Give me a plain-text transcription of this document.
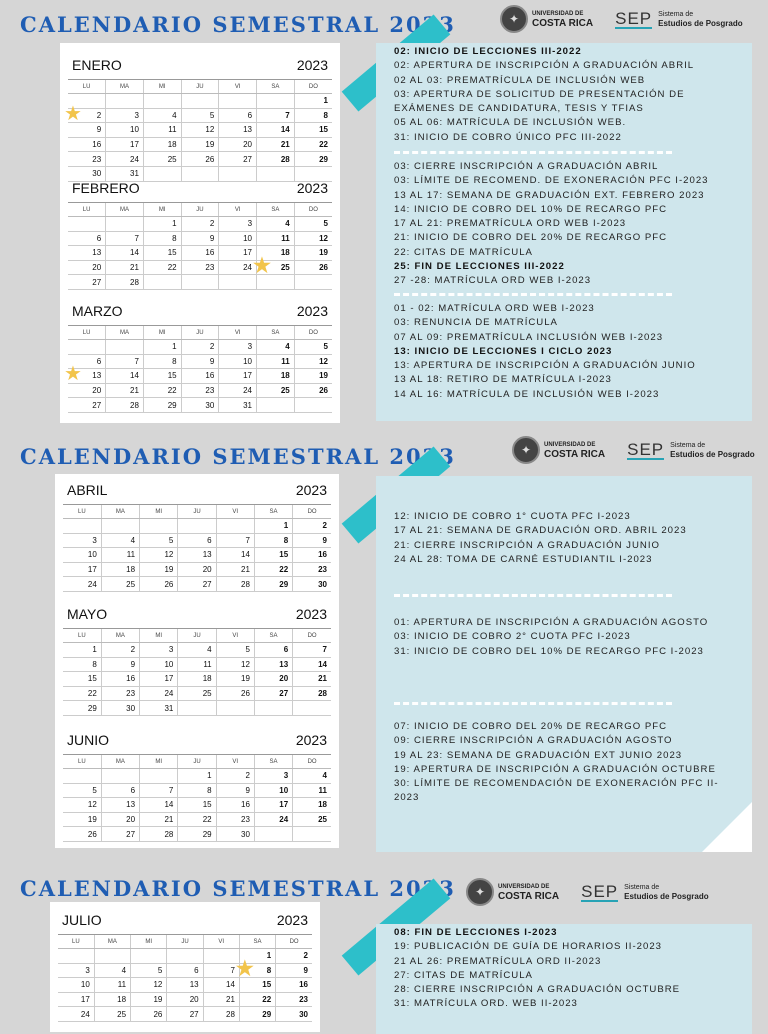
CALENDARIO SEMESTRAL 2023	✦	UNIVERSIDAD DE
COSTA RICA SEP Sistema de
Estudios de Posgrado
ENERO	2023
LU	MA	MI	JU	VI	SA	DO
						1

★ 2	3	4	5	6	7	8
9	10	11	12	13	14	15
16	17	18	19	20	21	22
23	24	25	26	27	28	29
30	31					
FEBRERO	2023
LU	MA	MI	JU	VI	SA	DO
		1	2	3	4	5
6	7	8	9	10	11	12
13	14	15	16	17	18	19
20	21	22	23	24	★ 25	26
27	28					
MARZO	2023
LU	MA	MI	JU	VI	SA	DO
		1	2	3	4	5
6	7	8	9	10	11	12

★ 13	14	15	16	17	18	19
20	21	22	23	24	25	26
27	28	29	30	31		
02: INICIO DE LECCIONES III-2022
02: APERTURA DE INSCRIPCIÓN A GRADUACIÓN ABRIL
02 AL 03: PREMATRÍCULA DE INCLUSIÓN WEB
03: APERTURA DE SOLICITUD DE PRESENTACIÓN DE
EXÁMENES DE CANDIDATURA, TESIS Y TFIAS
05 AL 06: MATRÍCULA DE INCLUSIÓN WEB.
31: INICIO DE COBRO ÚNICO PFC III-2022
03: CIERRE INSCRIPCIÓN A GRADUACIÓN ABRIL
03: LÍMITE DE RECOMEND. DE EXONERACIÓN PFC I-2023
13 AL 17: SEMANA DE GRADUACIÓN EXT. FEBRERO 2023
14: INICIO DE COBRO DEL 10% DE RECARGO PFC
17 AL 21: PREMATRÍCULA ORD WEB I-2023
21: INICIO DE COBRO DEL 20% DE RECARGO PFC
22: CITAS DE MATRÍCULA
25: FIN DE LECCIONES III-2022
27 -28: MATRÍCULA ORD WEB I-2023
01 - 02: MATRÍCULA ORD WEB I-2023
03: RENUNCIA DE MATRÍCULA
07 AL 09: PREMATRÍCULA INCLUSIÓN WEB I-2023
13: INICIO DE LECCIONES I CICLO 2023
13: APERTURA DE INSCRIPCIÓN A GRADUACIÓN JUNIO
13 AL 18: RETIRO DE MATRÍCULA I-2023
14 AL 16: MATRÍCULA DE INCLUSIÓN WEB I-2023
CALENDARIO SEMESTRAL 2023	✦	UNIVERSIDAD DE
COSTA RICA SEP Sistema de
Estudios de Posgrado
ABRIL	2023
LU	MA	MI	JU	VI	SA	DO
					1	2
3	4	5	6	7	8	9
10	11	12	13	14	15	16
17	18	19	20	21	22	23
24	25	26	27	28	29	30
MAYO	2023
LU	MA	MI	JU	VI	SA	DO
1	2	3	4	5	6	7
8	9	10	11	12	13	14
15	16	17	18	19	20	21
22	23	24	25	26	27	28
29	30	31				
JUNIO	2023
LU	MA	MI	JU	VI	SA	DO
			1	2	3	4
5	6	7	8	9	10	11
12	13	14	15	16	17	18
19	20	21	22	23	24	25
26	27	28	29	30		
12: INICIO DE COBRO 1° CUOTA PFC I-2023
17 AL 21: SEMANA DE GRADUACIÓN ORD. ABRIL 2023
21: CIERRE INSCRIPCIÓN A GRADUACIÓN JUNIO
24 AL 28: TOMA DE CARNÉ ESTUDIANTIL I-2023
01: APERTURA DE INSCRIPCIÓN A GRADUACIÓN AGOSTO
03: INICIO DE COBRO 2° CUOTA PFC I-2023
31: INICIO DE COBRO DEL 10% DE RECARGO PFC I-2023
07: INICIO DE COBRO DEL 20% DE RECARGO PFC
09: CIERRE INSCRIPCIÓN A GRADUACIÓN AGOSTO
19 AL 23: SEMANA DE GRADUACIÓN EXT JUNIO 2023
19: APERTURA DE INSCRIPCIÓN A GRADUACIÓN OCTUBRE
30: LÍMITE DE RECOMENDACIÓN DE EXONERACIÓN PFC II-
2023
CALENDARIO SEMESTRAL 2023	✦	UNIVERSIDAD DE
COSTA RICA SEP Sistema de
Estudios de Posgrado
JULIO	2023
LU	MA	MI	JU	VI	SA	DO
					1	2
3	4	5	6	7	★ 8	9
10	11	12	13	14	15	16
17	18	19	20	21	22	23
24	25	26	27	28	29	30
08: FIN DE LECCIONES I-2023
19: PUBLICACIÓN DE GUÍA DE HORARIOS II-2023
21 AL 26: PREMATRÍCULA ORD II-2023
27: CITAS DE MATRÍCULA
28: CIERRE INSCRIPCIÓN A GRADUACIÓN OCTUBRE
31: MATRÍCULA ORD. WEB II-2023
